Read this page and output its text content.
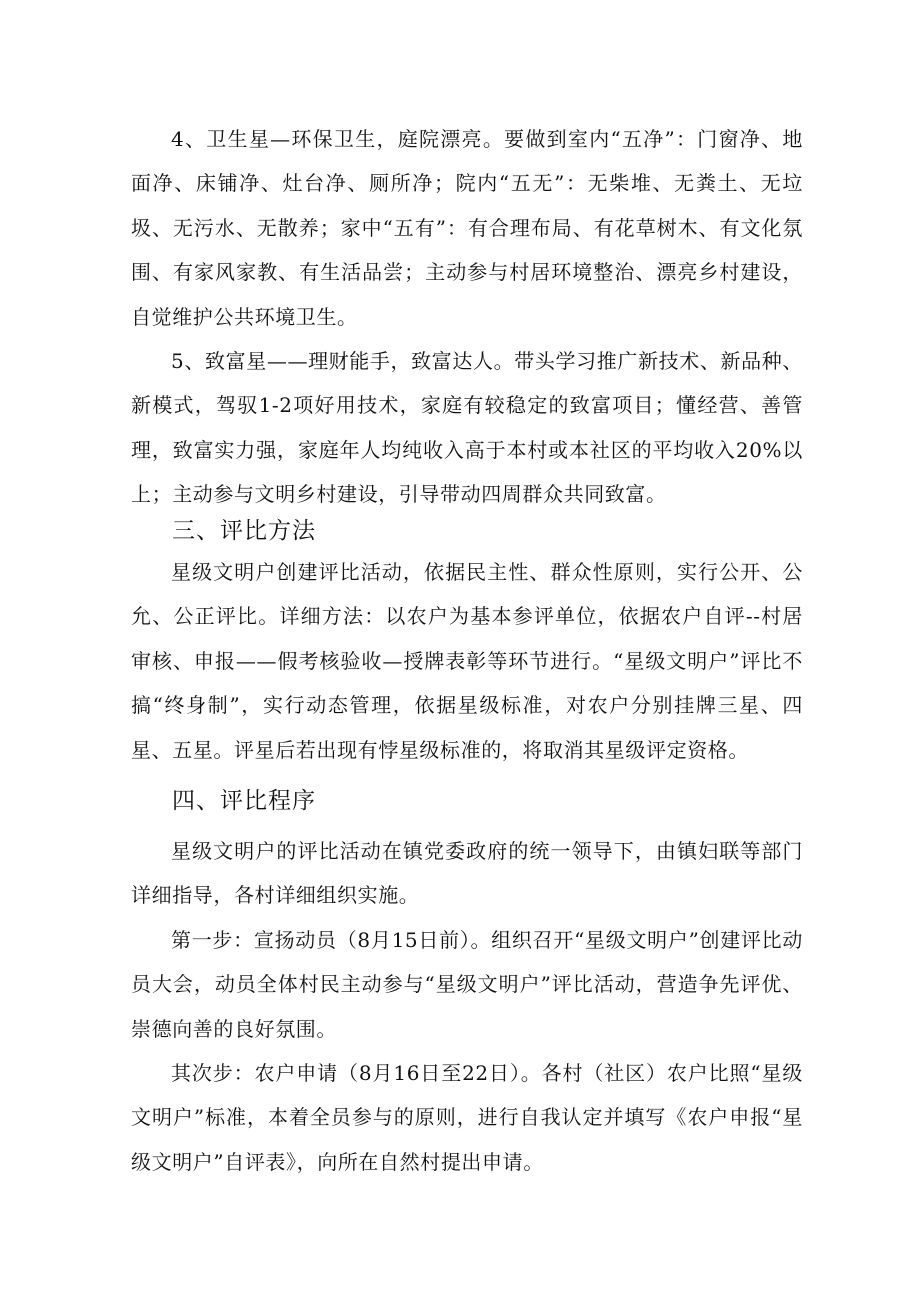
4、卫生星—环保卫生，庭院漂亮。要做到室内“五净”：门窗净、地面净、床铺净、灶台净、厕所净；院内“五无”：无柴堆、无粪土、无垃圾、无污水、无散养；家中“五有”：有合理布局、有花草树木、有文化氛围、有家风家教、有生活品尝；主动参与村居环境整治、漂亮乡村建设，自觉维护公共环境卫生。

5、致富星——理财能手，致富达人。带头学习推广新技术、新品种、新模式，驾驭1-2项好用技术，家庭有较稳定的致富项目；懂经营、善管理，致富实力强，家庭年人均纯收入高于本村或本社区的平均收入20%以上；主动参与文明乡村建设，引导带动四周群众共同致富。

三、评比方法

星级文明户创建评比活动，依据民主性、群众性原则，实行公开、公允、公正评比。详细方法：以农户为基本参评单位，依据农户自评--村居审核、申报——假考核验收—授牌表彰等环节进行。“星级文明户”评比不搞“终身制”，实行动态管理，依据星级标准，对农户分别挂牌三星、四星、五星。评星后若出现有悖星级标准的，将取消其星级评定资格。

四、评比程序

星级文明户的评比活动在镇党委政府的统一领导下，由镇妇联等部门详细指导，各村详细组织实施。

第一步：宣扬动员（8月15日前）。组织召开“星级文明户”创建评比动员大会，动员全体村民主动参与“星级文明户”评比活动，营造争先评优、崇德向善的良好氛围。

其次步：农户申请（8月16日至22日）。各村（社区）农户比照“星级文明户”标准，本着全员参与的原则，进行自我认定并填写《农户申报“星级文明户”自评表》，向所在自然村提出申请。
